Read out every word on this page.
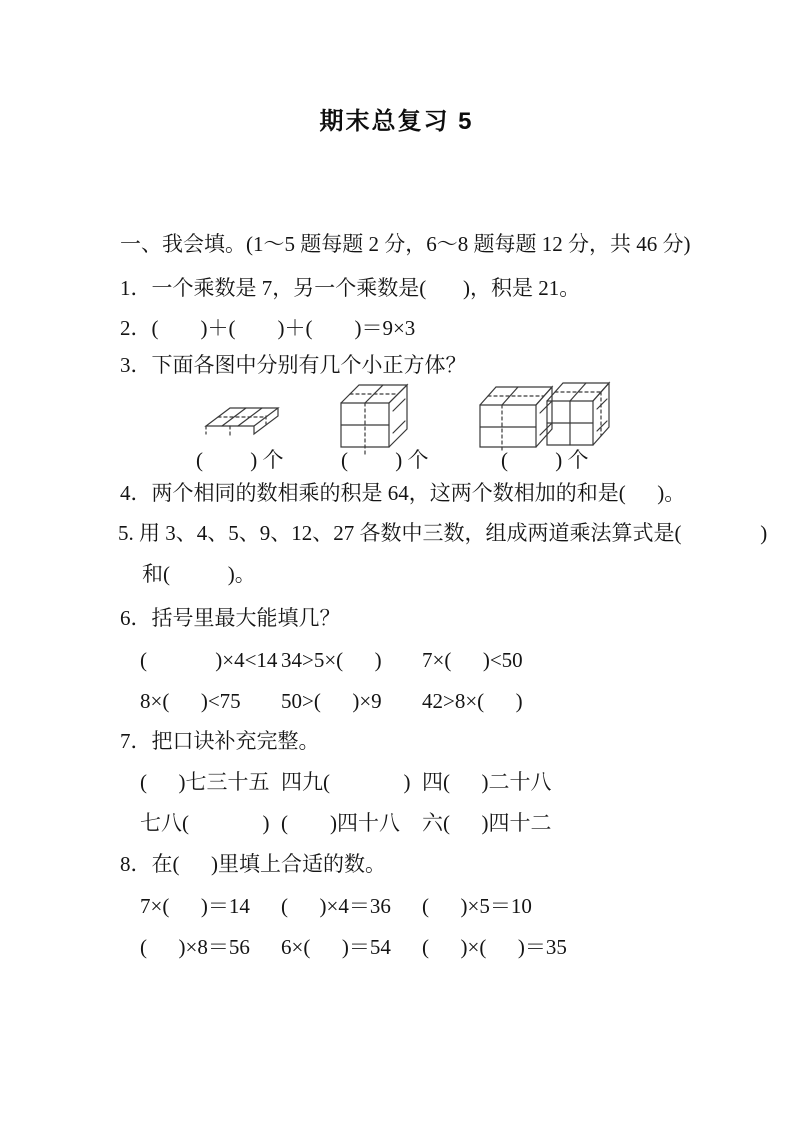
期末总复习 5
一、我会填。(1～5 题每题 2 分，6～8 题每题 12 分，共 46 分)
1．一个乘数是 7，另一个乘数是(       )，积是 21。
2．(        )＋(        )＋(        )＝9×3
3．下面各图中分别有几个小正方体？
(         ) 个	(         ) 个	(         ) 个
4．两个相同的数相乘的积是 64，这两个数相加的和是(      )。
5. 用 3、4、5、9、12、27 各数中三数，组成两道乘法算式是(               )
和(           )。
6．括号里最大能填几？
(             )×4<14 34>5×(      ) 7×(      )<50
8×(      )<75 50>(      )×9 42>8×(      )
7．把口诀补充完整。
(      )七三十五 四九(              ) 四(      )二十八
七八(              ) (        )四十八 六(      )四十二
8．在(      )里填上合适的数。
7×(      )＝14 (      )×4＝36 (      )×5＝10
(      )×8＝56 6×(      )＝54 (      )×(      )＝35
